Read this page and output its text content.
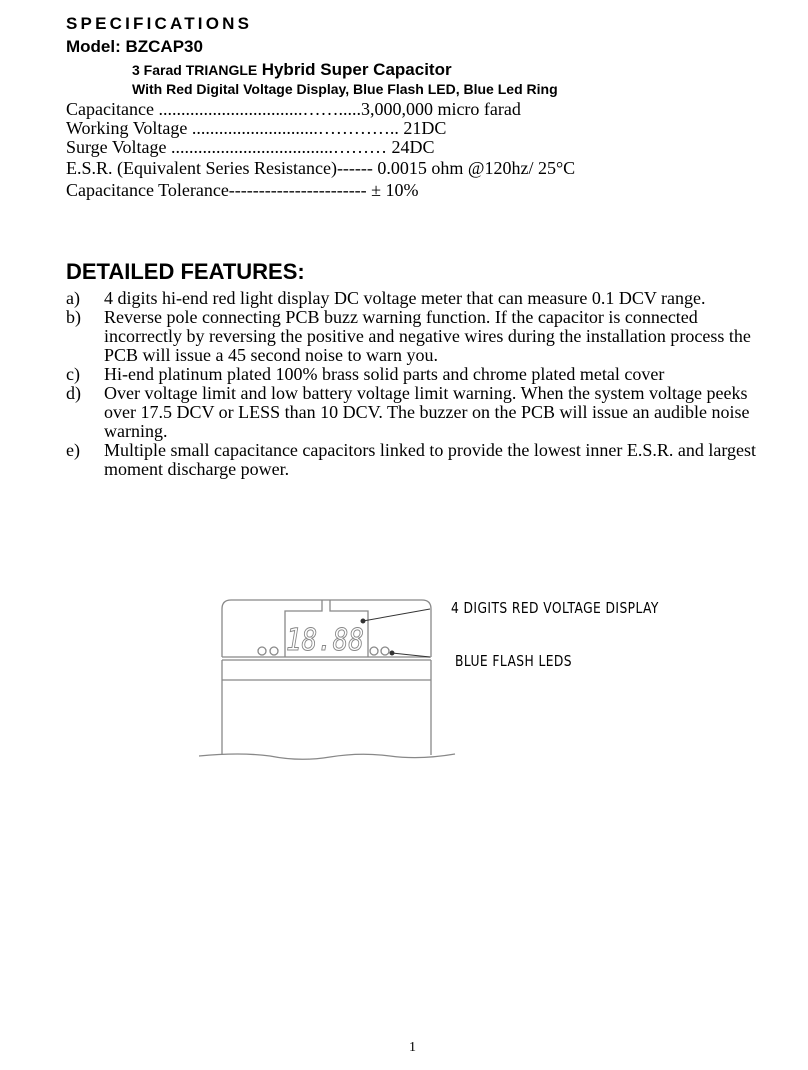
SPECIFICATIONS
Model: BZCAP30
3 Farad TRIANGLE Hybrid Super Capacitor
With Red Digital Voltage Display, Blue Flash LED, Blue Led Ring
Capacitance ................................…….....3,000,000 micro farad
Working Voltage ............................………….. 21DC
Surge Voltage ....................................……… 24DC
E.S.R. (Equivalent Series Resistance)------ 0.0015 ohm @120hz/ 25°C
Capacitance Tolerance----------------------- ± 10%
DETAILED FEATURES:
a) 4 digits hi-end red light display DC voltage meter that can measure 0.1 DCV range.
b) Reverse pole connecting PCB buzz warning function. If the capacitor is connected incorrectly by reversing the positive and negative wires during the installation process the PCB will issue a 45 second noise to warn you.
c) Hi-end platinum plated 100% brass solid parts and chrome plated metal cover
d) Over voltage limit and low battery voltage limit warning. When the system voltage peeks over 17.5 DCV or LESS than 10 DCV. The buzzer on the PCB will issue an audible noise warning.
e) Multiple small capacitance capacitors linked to provide the lowest inner E.S.R. and largest moment discharge power.
18.88
4 DIGITS RED VOLTAGE DISPLAY
BLUE FLASH LEDS
1
